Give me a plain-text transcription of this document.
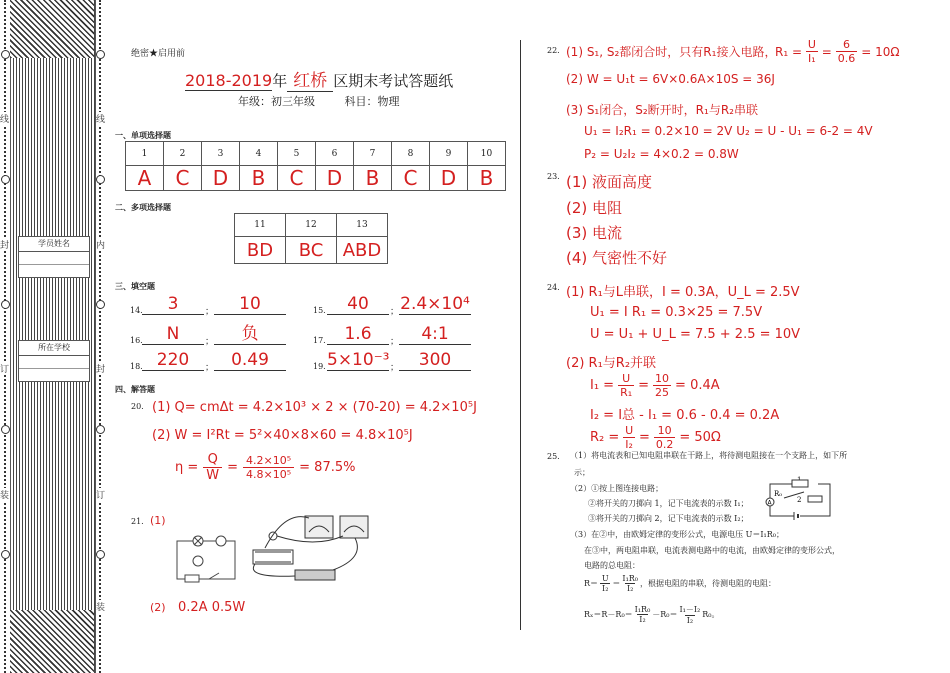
线
封
订
装
线
内
封
订
装
学员姓名
所在学校
绝密★启用前
2018-2019年 红桥 区期末考试答题纸
年级：初三年级	科目：物理
一、单项选择题
1	2	3	4	5	6	7	8	9	10
A	C	D	B	C	D	B	C	D	B
二、多项选择题
11	12	13
BD	BC	ABD
三、填空题
14.	3	；	10	15.	40	； 2.4×10⁴
16.	N	；	负	17.	1.6	；	4:1
18. 220	；	0.49	19. 5×10⁻³ ；	300
四、解答题
20. (1) Q= cmΔt = 4.2×10³ × 2 × (70-20) = 4.2×10⁵J
(2) W = I²Rt = 5²×40×8×60 = 4.8×10⁵J
$\eta = \frac{Q}{W} = \frac{\text{4.2×10⁵}}{\text{4.8×10⁵}} = 87.5\%$
21. (1)
(2) 0.2A 0.5W
22. (1) S₁, S₂都闭合时，只有R₁接入电路，
$R_1 = \frac{U}{\text{I₁}} = \frac{6}{0.6} = 10\Omega$
(2) W = U₁t = 6V×0.6A×10S = 36J
(3) S₁闭合，S₂断开时，R₁与R₂串联
U₁ = I₂R₁ = 0.2×10 = 2V U₂ = U - U₁ = 6-2 = 4V
P₂ = U₂I₂ = 4×0.2 = 0.8W
23. (1) 液面高度
(2) 电阻
(3) 电流
(4) 气密性不好
24. (1) R₁与L串联，I = 0.3A，U_L = 2.5V
U₁ = I R₁ = 0.3×25 = 7.5V
U = U₁ + U_L = 7.5 + 2.5 = 10V
(2) R₁与R₂并联
$I_1 = \frac{U}{\text{R₁}} = \frac{10}{25} = 0.4A$
I₂ = I总 - I₁ = 0.6 - 0.4 = 0.2A
$R_2 = \frac{U}{\text{I₂}} = \frac{10}{0.2} = 50\Omega$
25. （1）将电流表和已知电阻串联在干路上，将待测电阻接在一个支路上，如下所
示；
（2）①按上图连接电路；
②将开关的刀掷向 1，记下电流表的示数 I₁；
③将开关的刀掷向 2，记下电流表的示数 I₂；
（3）在②中，由欧姆定律的变形公式，电源电压 U＝I₁R₀；
在③中，两电阻串联，电流表测电路中的电流，由欧姆定律的变形公式，
电路的总电阻：
R₀
2
A
$R= \frac{U}{\text{I₂}} = \frac{\text{I₁R₀}}{\text{I₂}}$ ，根据电阻的串联，待测电阻的电阻：
$R_x=R-R_0= \frac{\text{I₁R₀}}{\text{I₂}} -R_0= \frac{\text{I₁－I₂}}{\text{I₂}} R_0$。
